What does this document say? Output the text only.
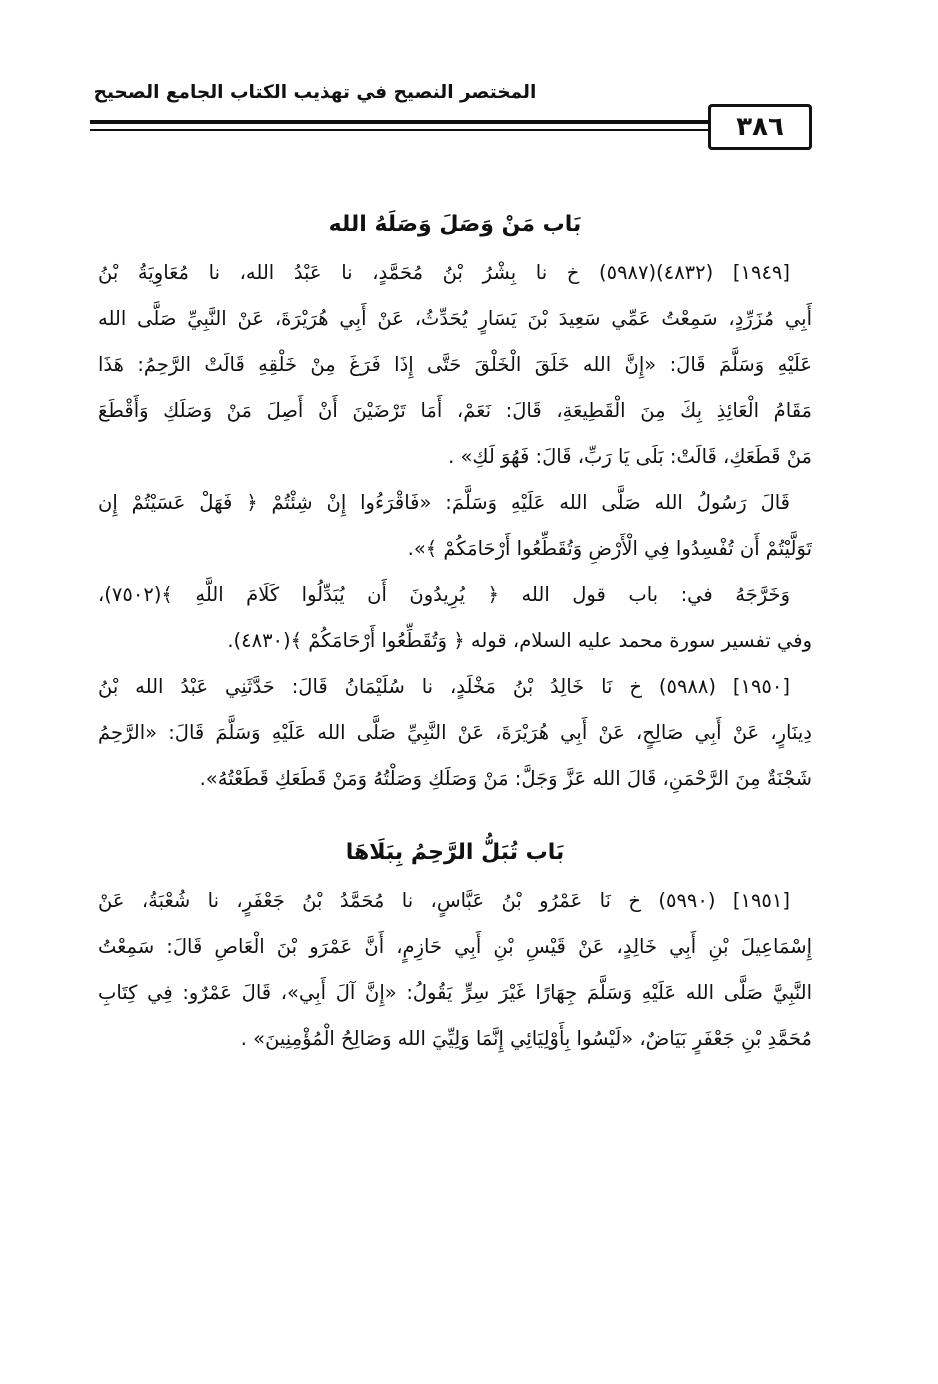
المختصر النصيح في تهذيب الكتاب الجامع الصحيح
٣٨٦
بَاب مَنْ وَصَلَ وَصَلَهُ الله
[١٩٤٩] (٤٨٣٢)(٥٩٨٧) خ نا بِشْرُ بْنُ مُحَمَّدٍ، نا عَبْدُ الله، نا مُعَاوِيَةُ بْنُ
أَبِي مُزَرِّدٍ، سَمِعْتُ عَمِّي سَعِيدَ بْنَ يَسَارٍ يُحَدِّثُ، عَنْ أَبِي هُرَيْرَةَ، عَنْ النَّبِيِّ صَلَّى الله
عَلَيْهِ وَسَلَّمَ قَالَ: «إِنَّ الله خَلَقَ الْخَلْقَ حَتَّى إِذَا فَرَغَ مِنْ خَلْقِهِ قَالَتْ الرَّحِمُ: هَذَا
مَقَامُ الْعَائِذِ بِكَ مِنَ الْقَطِيعَةِ، قَالَ: نَعَمْ، أَمَا تَرْضَيْنَ أَنْ أَصِلَ مَنْ وَصَلَكِ وَأَقْطَعَ
مَنْ قَطَعَكِ، قَالَتْ: بَلَى يَا رَبِّ، قَالَ: فَهُوَ لَكِ» .
قَالَ رَسُولُ الله صَلَّى الله عَلَيْهِ وَسَلَّمَ: «فَاقْرَءُوا إِنْ شِئْتُمْ ﴿ فَهَلْ عَسَيْتُمْ إِن
تَوَلَّيْتُمْ أَن تُفْسِدُوا فِي الْأَرْضِ وَتُقَطِّعُوا أَرْحَامَكُمْ ﴾».
وَخَرَّجَهُ في: باب قول الله ﴿ يُرِيدُونَ أَن يُبَدِّلُوا كَلَامَ اللَّهِ ﴾(٧٥٠٢)،
وفي تفسير سورة محمد عليه السلام، قوله ﴿ وَتُقَطِّعُوا أَرْحَامَكُمْ ﴾(٤٨٣٠).
[١٩٥٠] (٥٩٨٨) خ نَا خَالِدُ بْنُ مَخْلَدٍ، نا سُلَيْمَانُ قَالَ: حَدَّثَنِي عَبْدُ الله بْنُ
دِينَارٍ، عَنْ أَبِي صَالِحٍ، عَنْ أَبِي هُرَيْرَةَ، عَنْ النَّبِيِّ صَلَّى الله عَلَيْهِ وَسَلَّمَ قَالَ: «الرَّحِمُ
شَجْنَةٌ مِنَ الرَّحْمَنِ، قَالَ الله عَزَّ وَجَلَّ: مَنْ وَصَلَكِ وَصَلْتُهُ وَمَنْ قَطَعَكِ قَطَعْتُهُ».
بَاب تُبَلُّ الرَّحِمُ بِبَلَاهَا
[١٩٥١] (٥٩٩٠) خ نَا عَمْرُو بْنُ عَبَّاسٍ، نا مُحَمَّدُ بْنُ جَعْفَرٍ، نا شُعْبَةُ، عَنْ
إِسْمَاعِيلَ بْنِ أَبِي خَالِدٍ، عَنْ قَيْسِ بْنِ أَبِي حَازِمٍ، أَنَّ عَمْرَو بْنَ الْعَاصِ قَالَ: سَمِعْتُ
النَّبِيَّ صَلَّى الله عَلَيْهِ وَسَلَّمَ جِهَارًا غَيْرَ سِرٍّ يَقُولُ: «إِنَّ آلَ أَبِي»، قَالَ عَمْرٌو: فِي كِتَابِ
مُحَمَّدِ بْنِ جَعْفَرٍ بَيَاضٌ، «لَيْسُوا بِأَوْلِيَائِي إِنَّمَا وَلِيِّيَ الله وَصَالِحُ الْمُؤْمِنِينَ» .
